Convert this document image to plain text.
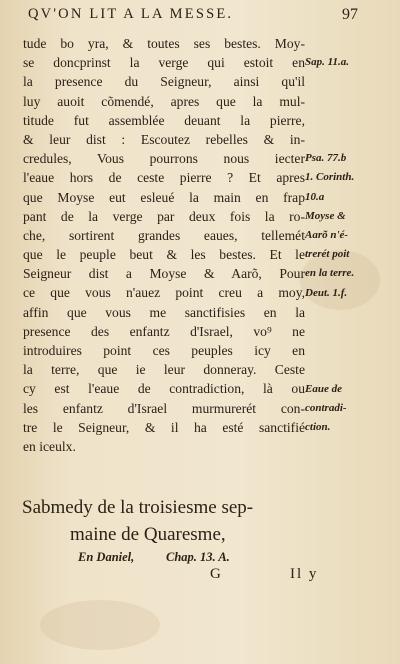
QV'ON LIT A LA MESSE.	97
tude bo yra, & toutes ses bestes. Moy-
se doncprinst la verge qui estoit en
la presence du Seigneur, ainsi qu'il
luy auoit cõmendé, apres que la mul-
titude fut assemblée deuant la pierre,
& leur dist : Escoutez rebelles & in-
credules, Vous pourrons nous iecter
l'eaue hors de ceste pierre ? Et apres
que Moyse eut esleué la main en frap
pant de la verge par deux fois la ro-
che, sortirent grandes eaues, tellemét
que le peuple beut & les bestes. Et le
Seigneur dist a Moyse & Aarõ, Pour
ce que vous n'auez point creu a moy,
affin que vous me sanctifisies en la
presence des enfantz d'Israel, vo⁹ ne
introduires point ces peuples icy en
la terre, que ie leur donneray. Ceste
cy est l'eaue de contradiction, là ou
les enfantz d'Israel murmurerét con-
tre le Seigneur, & il ha esté sanctifié
en iceulx.
Sap. 11.a.
Psa. 77.b
1. Corinth.
10.a
Moyse &
Aarõ n'é-
trerét poit
en la terre.
Deut. 1.f.
Eaue de
contradi-
ction.
Sabmedy de la troisiesme sep-
maine de Quaresme,
En Daniel,	Chap. 13. A.
G	Il y
